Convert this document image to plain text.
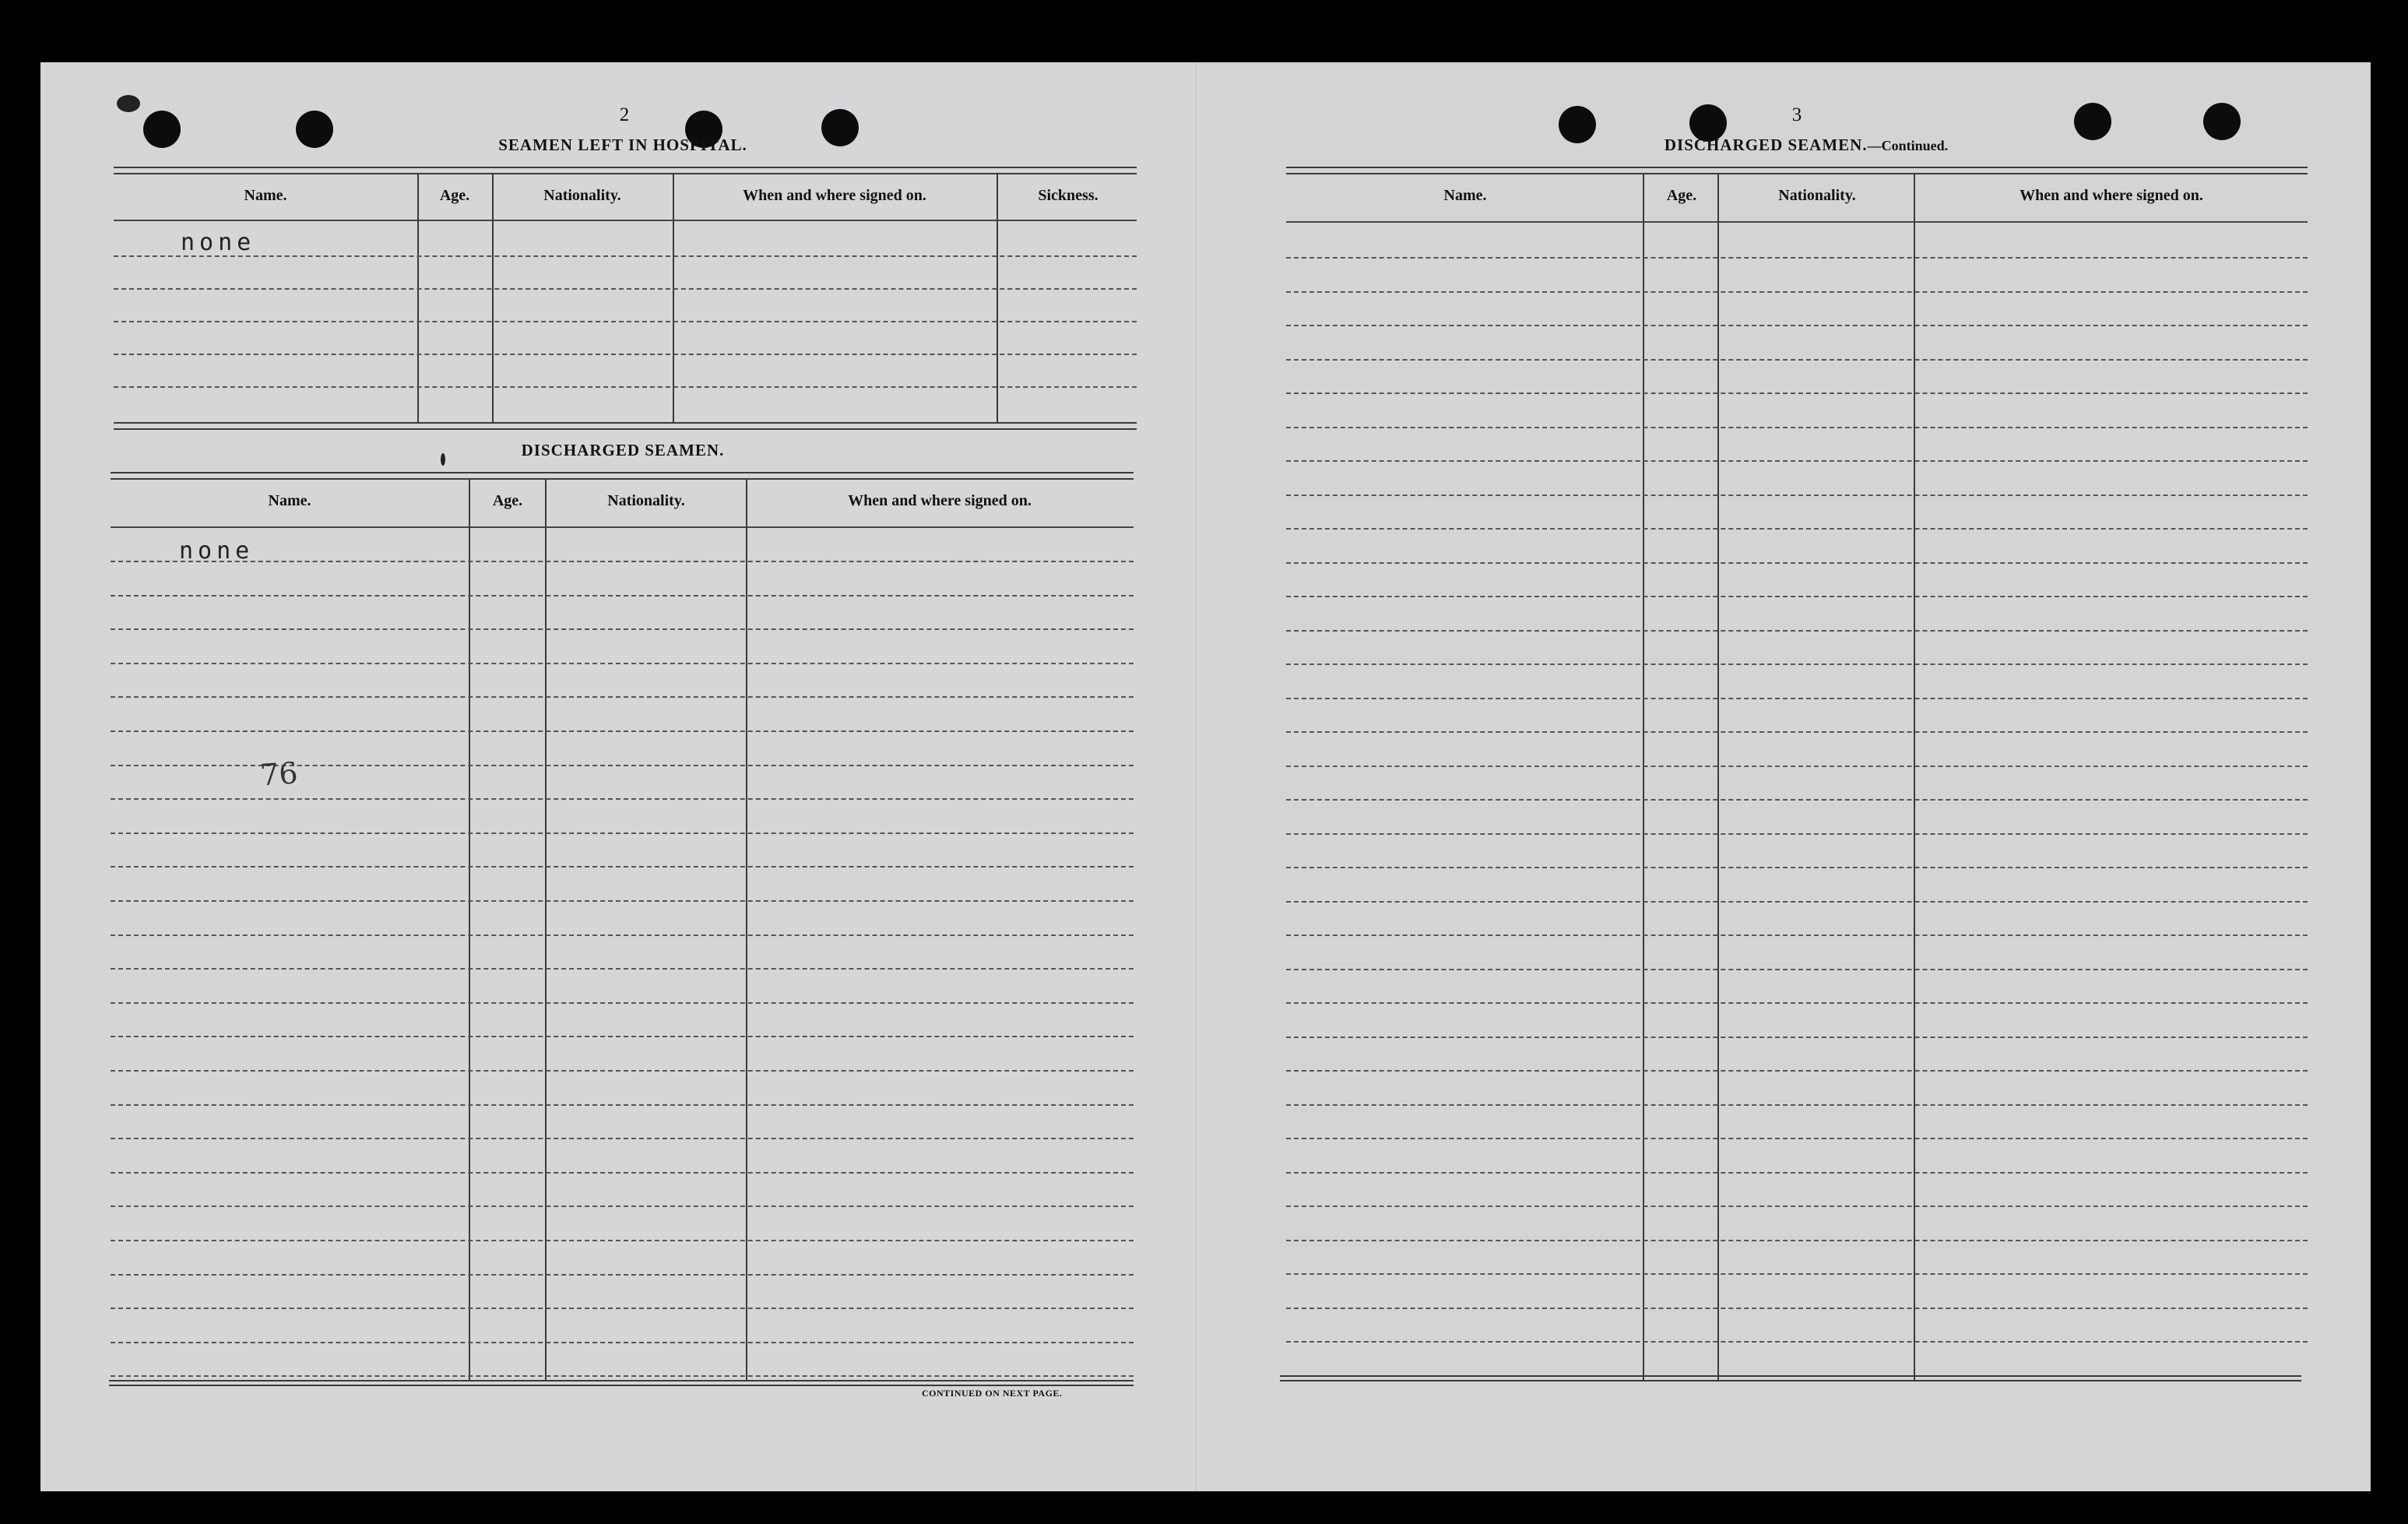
2
SEAMEN LEFT IN HOSPITAL.
Name.	Age.	Nationality.	When and where signed on.	Sickness.
none
DISCHARGED SEAMEN.
Name.	Age.	Nationality.	When and where signed on.
none
76
CONTINUED ON NEXT PAGE.
3
DISCHARGED SEAMEN.—Continued.
Name.	Age.	Nationality.	When and where signed on.
